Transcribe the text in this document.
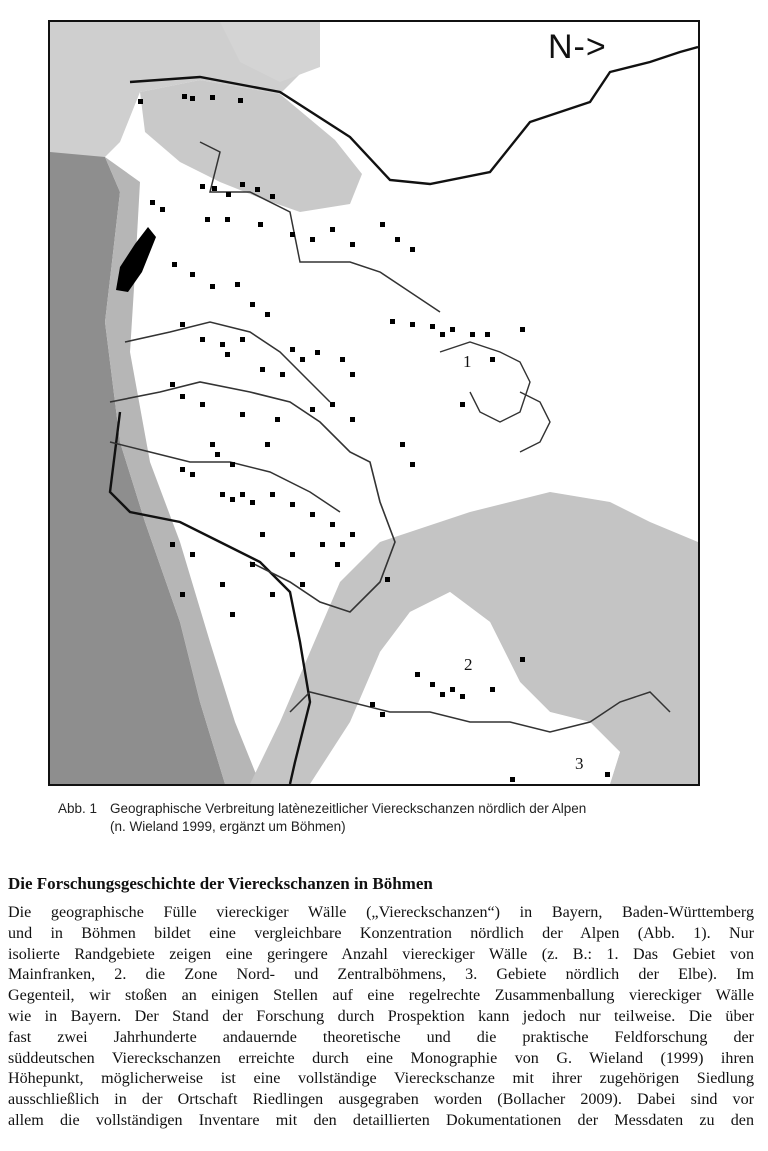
N->
1
2
3
Abb. 1 Geographische Verbreitung latènezeitlicher Viereckschanzen nördlich der Alpen
(n. Wieland 1999, ergänzt um Böhmen)
Die Forschungsgeschichte der Viereckschanzen in Böhmen
Die geographische Fülle viereckiger Wälle („Viereckschanzen“) in Bayern, Baden-Württemberg
und in Böhmen bildet eine vergleichbare Konzentration nördlich der Alpen (Abb. 1). Nur
isolierte Randgebiete zeigen eine geringere Anzahl viereckiger Wälle (z. B.: 1. Das Gebiet von
Mainfranken, 2. die Zone Nord- und Zentralböhmens, 3. Gebiete nördlich der Elbe). Im
Gegenteil, wir stoßen an einigen Stellen auf eine regelrechte Zusammenballung viereckiger Wälle
wie in Bayern. Der Stand der Forschung durch Prospektion kann jedoch nur teilweise. Die über
fast zwei Jahrhunderte andauernde theoretische und die praktische Feldforschung der
süddeutschen Viereckschanzen erreichte durch eine Monographie von G. Wieland (1999) ihren
Höhepunkt, möglicherweise ist eine vollständige Viereckschanze mit ihrer zugehörigen Siedlung
ausschließlich in der Ortschaft Riedlingen ausgegraben worden (Bollacher 2009). Dabei sind vor
allem die vollständigen Inventare mit den detaillierten Dokumentationen der Messdaten zu den
